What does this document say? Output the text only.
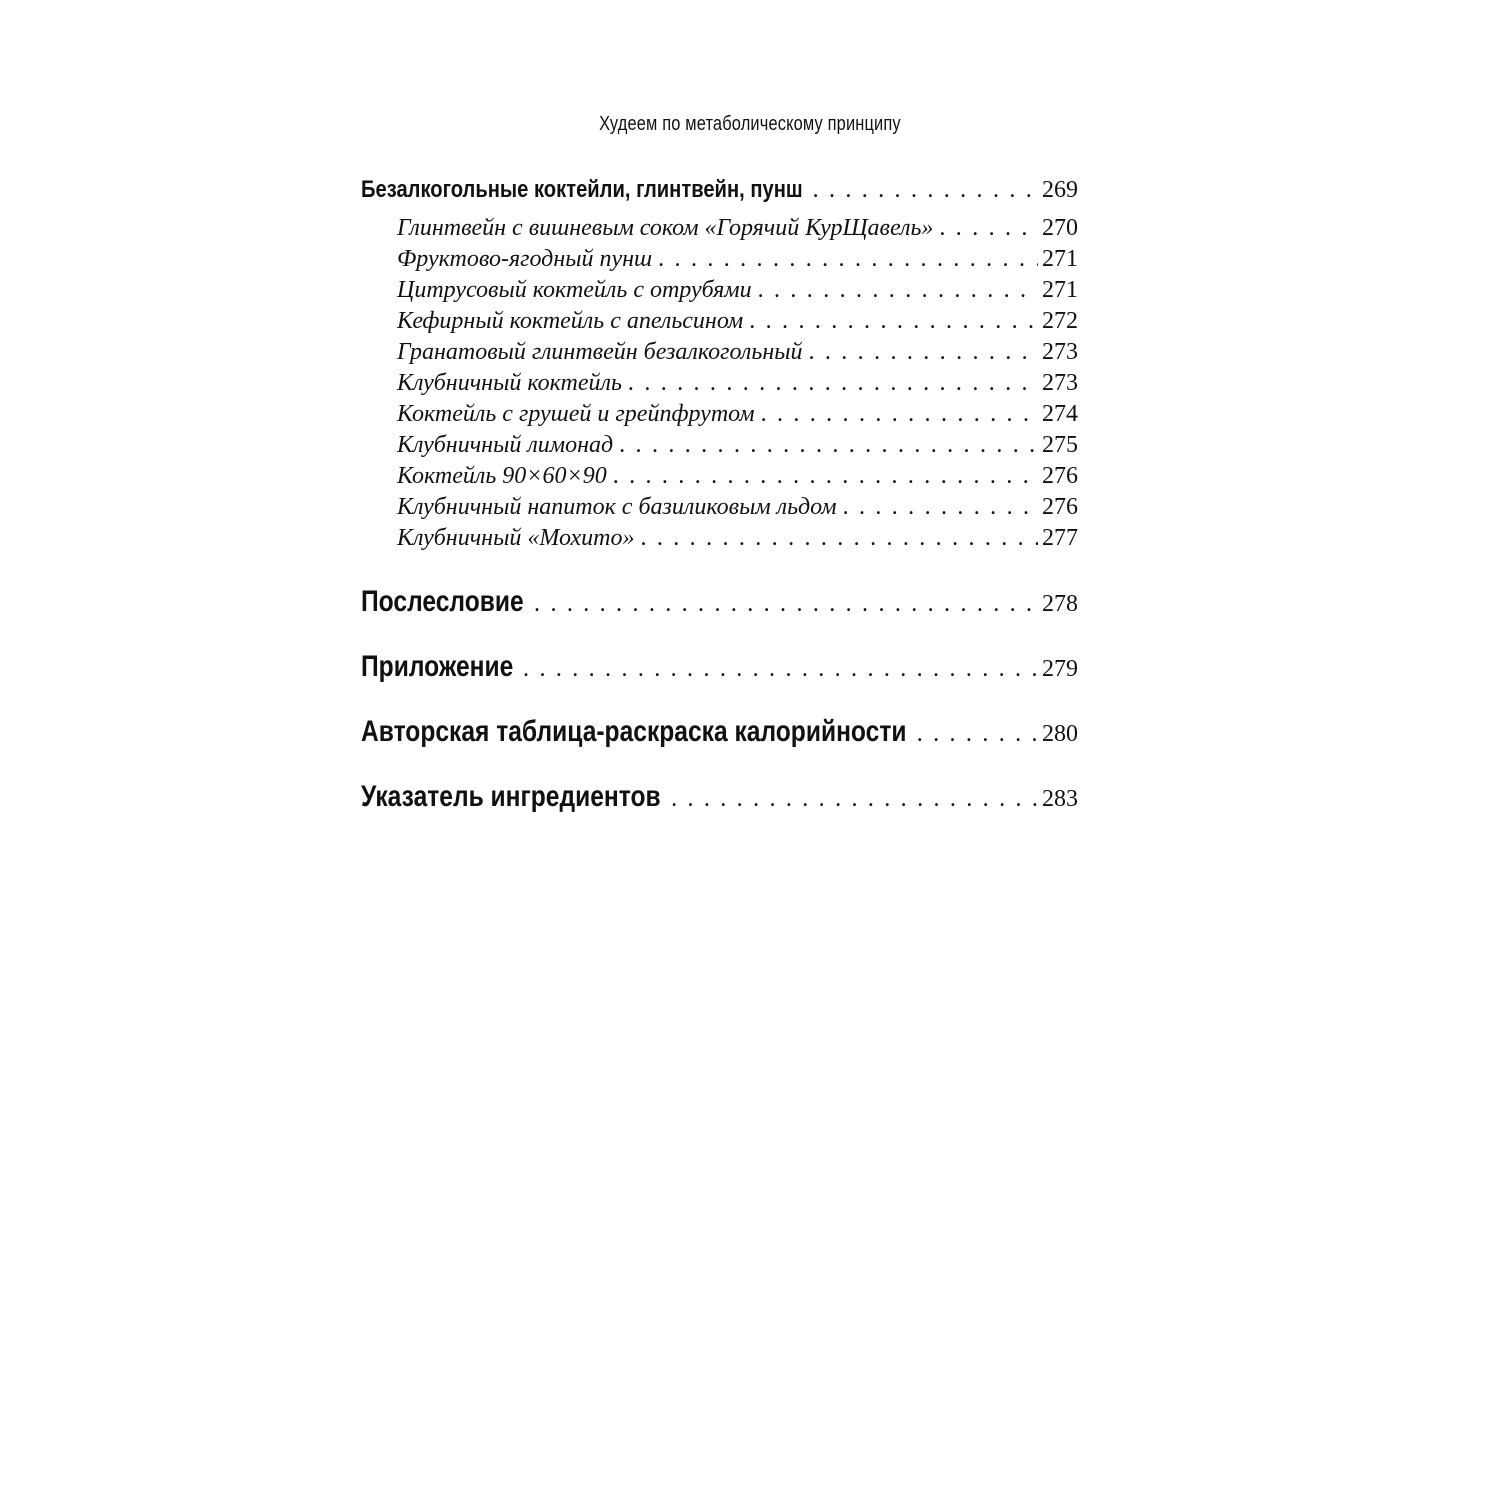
Худеем по метаболическому принципу
Безалкогольные коктейли, глинтвейн, пунш . . .	269
Глинтвейн с вишневым соком «Горячий КурЩавель» . . .	270
Фруктово-ягодный пунш . . .	271
Цитрусовый коктейль с отрубями . . .	271
Кефирный коктейль с апельсином . . .	272
Гранатовый глинтвейн безалкогольный . . .	273
Клубничный коктейль . . .	273
Коктейль с грушей и грейпфрутом . . .	274
Клубничный лимонад . . .	275
Коктейль 90×60×90 . . .	276
Клубничный напиток с базиликовым льдом . . .	276
Клубничный «Мохито» . . .	277
Послесловие . . .	278
Приложение . . .	279
Авторская таблица-раскраска калорийности . . .	280
Указатель ингредиентов . . .	283
